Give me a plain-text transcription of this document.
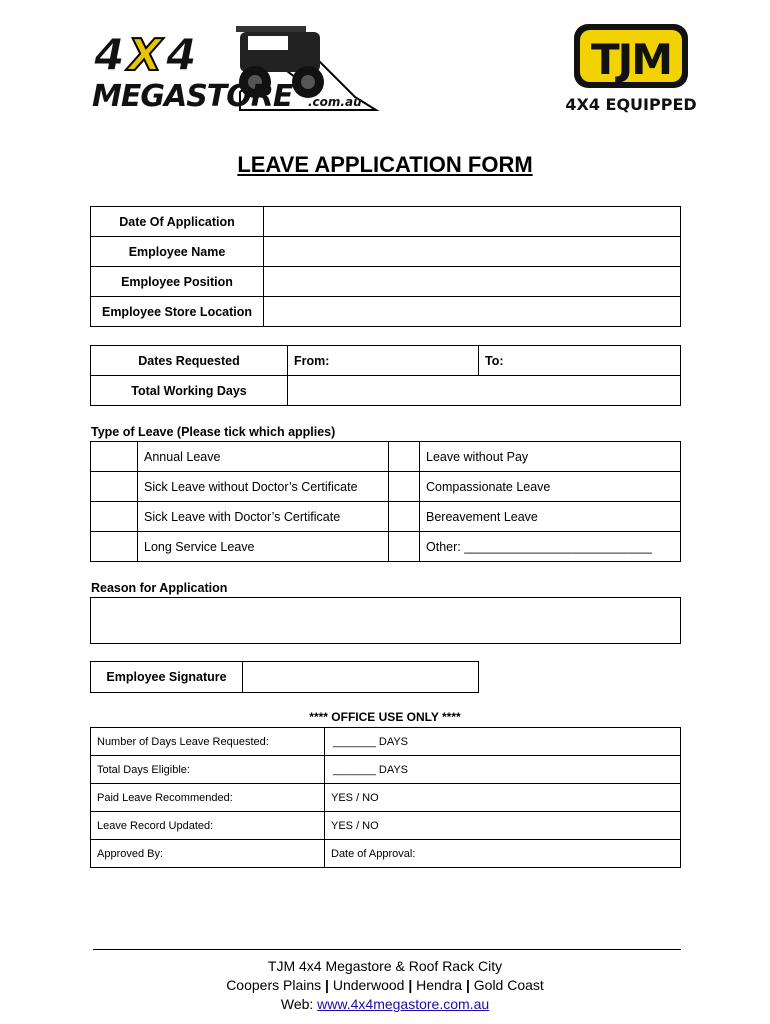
4 X 4
MEGASTORE .com.au
TJM
4X4 EQUIPPED
LEAVE APPLICATION FORM
Date Of Application	
Employee Name	
Employee Position	
Employee Store Location	
Dates Requested	From:	To:
Total Working Days		
Type of Leave (Please tick which applies)
	Annual Leave		Leave without Pay
	Sick Leave without Doctor’s Certificate		Compassionate Leave
	Sick Leave with Doctor’s Certificate		Bereavement Leave
	Long Service Leave		Other: ___________________________
Reason for Application
Employee Signature	
**** OFFICE USE ONLY ****
Number of Days Leave Requested:	_______ DAYS
Total Days Eligible:	_______ DAYS
Paid Leave Recommended:	YES / NO
Leave Record Updated:	YES / NO
Approved By:	Date of Approval:
TJM 4x4 Megastore & Roof Rack City
Coopers Plains | Underwood | Hendra | Gold Coast
Web: www.4x4megastore.com.au
